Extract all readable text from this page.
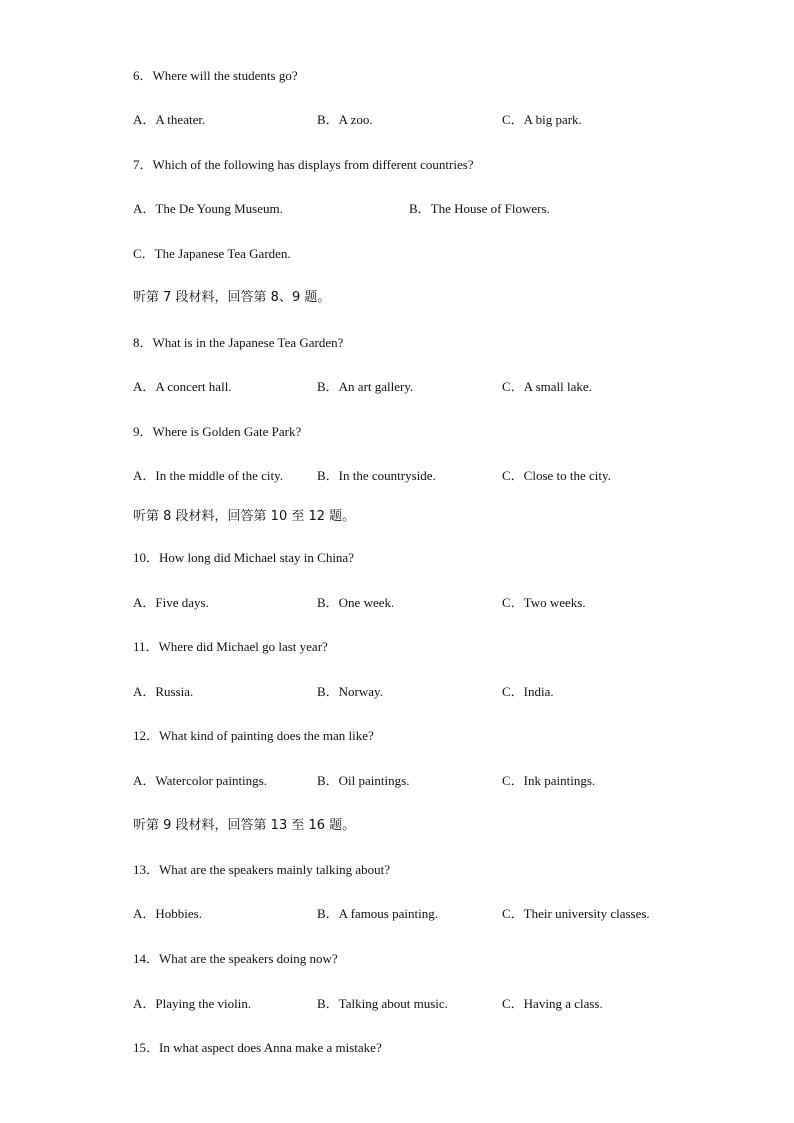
6．Where will the students go?
A．A theater.	B．A zoo.	C．A big park.
7．Which of the following has displays from different countries?
A．The De Young Museum.	B．The House of Flowers.
C．The Japanese Tea Garden.
听第 7 段材料，回答第 8、9 题。
8．What is in the Japanese Tea Garden?
A．A concert hall.	B．An art gallery.	C．A small lake.
9．Where is Golden Gate Park?
A．In the middle of the city.	B．In the countryside.	C．Close to the city.
听第 8 段材料，回答第 10 至 12 题。
10．How long did Michael stay in China?
A．Five days.	B．One week.	C．Two weeks.
11．Where did Michael go last year?
A．Russia.	B．Norway.	C．India.
12．What kind of painting does the man like?
A．Watercolor paintings.	B．Oil paintings.	C．Ink paintings.
听第 9 段材料，回答第 13 至 16 题。
13．What are the speakers mainly talking about?
A．Hobbies.	B．A famous painting.	C．Their university classes.
14．What are the speakers doing now?
A．Playing the violin.	B．Talking about music.	C．Having a class.
15．In what aspect does Anna make a mistake?
